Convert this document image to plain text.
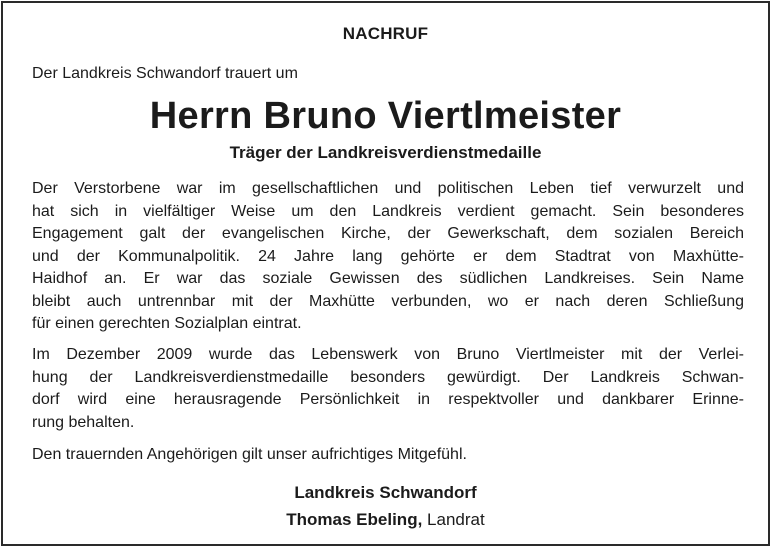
NACHRUF
Der Landkreis Schwandorf trauert um
Herrn Bruno Viertlmeister
Träger der Landkreisverdienstmedaille
Der Verstorbene war im gesellschaftlichen und politischen Leben tief verwurzelt und
hat sich in vielfältiger Weise um den Landkreis verdient gemacht. Sein besonderes
Engagement galt der evangelischen Kirche, der Gewerkschaft, dem sozialen Bereich
und der Kommunalpolitik. 24 Jahre lang gehörte er dem Stadtrat von Maxhütte-
Haidhof an. Er war das soziale Gewissen des südlichen Landkreises. Sein Name
bleibt auch untrennbar mit der Maxhütte verbunden, wo er nach deren Schließung
für einen gerechten Sozialplan eintrat.
Im Dezember 2009 wurde das Lebenswerk von Bruno Viertlmeister mit der Verlei-
hung der Landkreisverdienstmedaille besonders gewürdigt. Der Landkreis Schwan-
dorf wird eine herausragende Persönlichkeit in respektvoller und dankbarer Erinne-
rung behalten.
Den trauernden Angehörigen gilt unser aufrichtiges Mitgefühl.
Landkreis Schwandorf
Thomas Ebeling, Landrat
